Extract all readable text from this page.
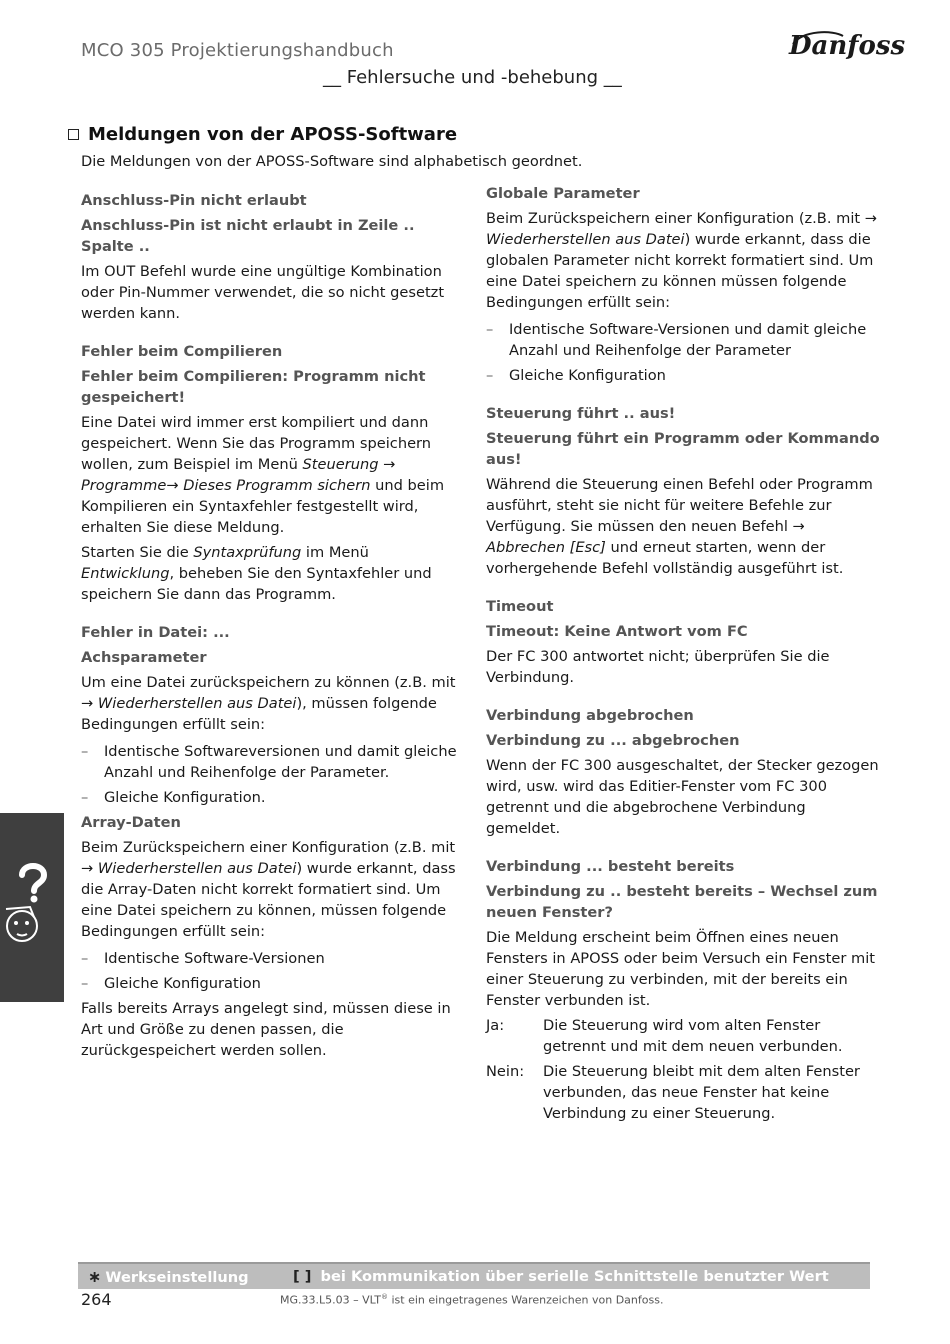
MCO 305 Projektierungshandbuch
__ Fehlersuche und -behebung __
Danfoss
Meldungen von der APOSS-Software
Die Meldungen von der APOSS-Software sind alphabetisch geordnet.

Anschluss-Pin nicht erlaubt

Anschluss-Pin ist nicht erlaubt in Zeile .. Spalte ..

Im OUT Befehl wurde eine ungültige Kombination oder Pin-Nummer verwendet, die so nicht gesetzt werden kann.

Fehler beim Compilieren

Fehler beim Compilieren: Programm nicht gespeichert!

Eine Datei wird immer erst kompiliert und dann gespeichert. Wenn Sie das Programm speichern wollen, zum Beispiel im Menü Steuerung → Programme→ Dieses Programm sichern und beim Kompilieren ein Syntaxfehler festgestellt wird, erhalten Sie diese Meldung.

Starten Sie die Syntaxprüfung im Menü Entwicklung, beheben Sie den Syntaxfehler und speichern Sie dann das Programm.

Fehler in Datei: ...

Achsparameter

Um eine Datei zurückspeichern zu können (z.B. mit → Wiederherstellen aus Datei), müssen folgende Bedingungen erfüllt sein:

– Identische Softwareversionen und damit gleiche Anzahl und Reihenfolge der Parameter.
– Gleiche Konfiguration.

Array-Daten

Beim Zurückspeichern einer Konfiguration (z.B. mit → Wiederherstellen aus Datei) wurde erkannt, dass die Array-Daten nicht korrekt formatiert sind. Um eine Datei speichern zu können, müssen folgende Bedingungen erfüllt sein:

– Identische Software-Versionen
– Gleiche Konfiguration

Falls bereits Arrays angelegt sind, müssen diese in Art und Größe zu denen passen, die zurückgespeichert werden sollen.

Globale Parameter

Beim Zurückspeichern einer Konfiguration (z.B. mit → Wiederherstellen aus Datei) wurde erkannt, dass die globalen Parameter nicht korrekt formatiert sind. Um eine Datei speichern zu können müssen folgende Bedingungen erfüllt sein:

– Identische Software-Versionen und damit gleiche Anzahl und Reihenfolge der Parameter
– Gleiche Konfiguration

Steuerung führt .. aus!

Steuerung führt ein Programm oder Kommando aus!

Während die Steuerung einen Befehl oder Programm ausführt, steht sie nicht für weitere Befehle zur Verfügung. Sie müssen den neuen Befehl → Abbrechen [Esc] und erneut starten, wenn der vorhergehende Befehl vollständig ausgeführt ist.

Timeout

Timeout: Keine Antwort vom FC

Der FC 300 antwortet nicht; überprüfen Sie die Verbindung.

Verbindung abgebrochen

Verbindung zu ... abgebrochen

Wenn der FC 300 ausgeschaltet, der Stecker gezogen wird, usw. wird das Editier-Fenster vom FC 300 getrennt und die abgebrochene Verbindung gemeldet.

Verbindung ... besteht bereits

Verbindung zu .. besteht bereits – Wechsel zum neuen Fenster?

Die Meldung erscheint beim Öffnen eines neuen Fensters in APOSS oder beim Versuch ein Fenster mit einer Steuerung zu verbinden, mit der bereits ein Fenster verbunden ist.

Ja:	Die Steuerung wird vom alten Fenster getrennt und mit dem neuen verbunden.
Nein:	Die Steuerung bleibt mit dem alten Fenster verbunden, das neue Fenster hat keine Verbindung zu einer Steuerung.
∗ Werkseinstellung	[ ] bei Kommunikation über serielle Schnittstelle benutzter Wert
264	MG.33.L5.03 – VLT® ist ein eingetragenes Warenzeichen von Danfoss.
